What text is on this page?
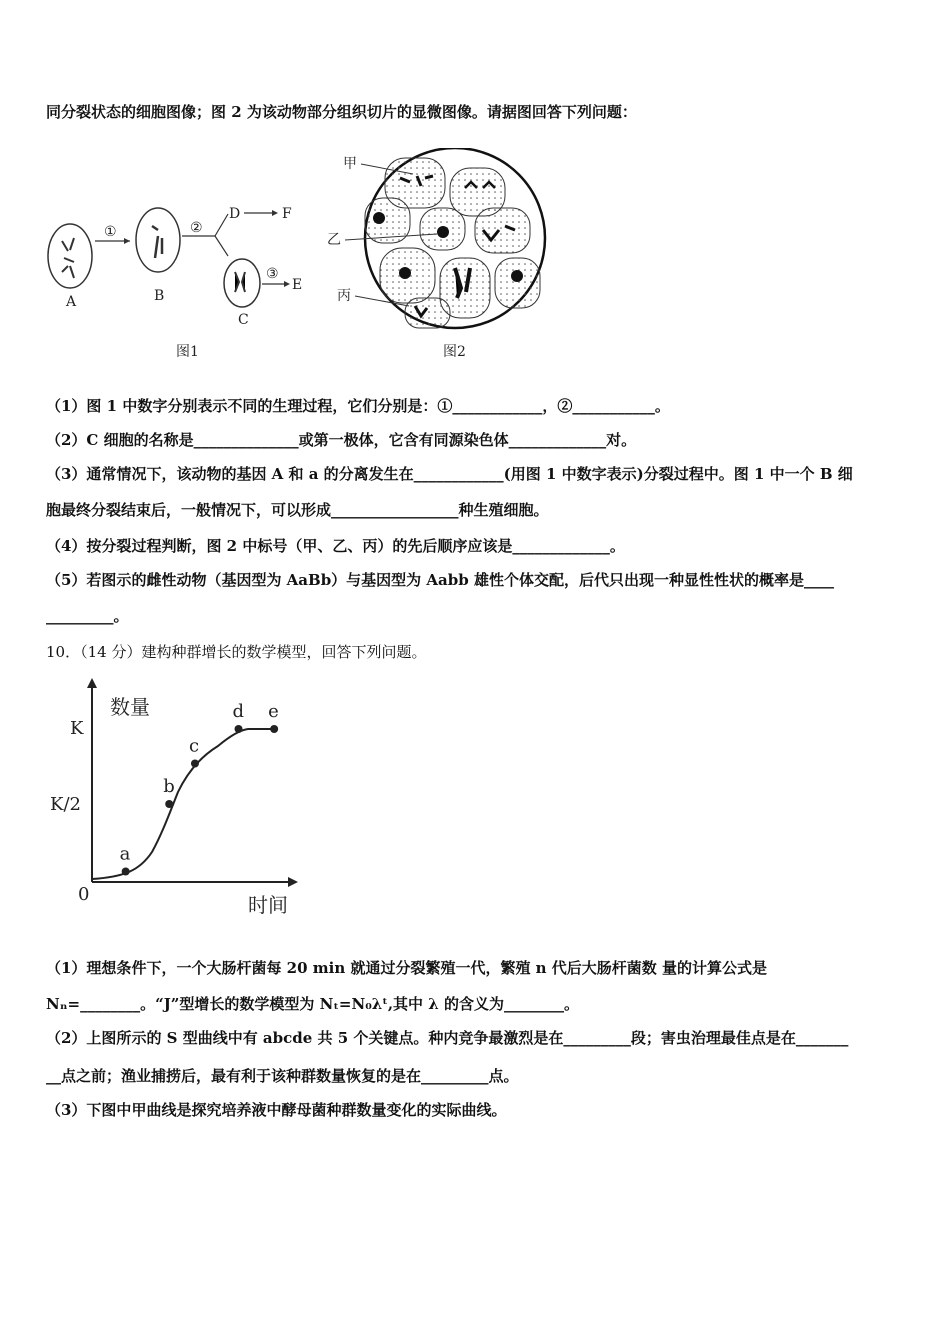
同分裂状态的细胞图像；图 2 为该动物部分组织切片的显微图像。请据图回答下列问题：
A
①
B
②
D	F
C
③
E
图1
甲
乙
丙
图2
（1）图 1 中数字分别表示不同的生理过程，它们分别是：①____________，②___________。
（2）C 细胞的名称是______________或第一极体，它含有同源染色体_____________对。
（3）通常情况下，该动物的基因 A 和 a 的分离发生在____________(用图 1 中数字表示)分裂过程中。图 1 中一个 B 细
胞最终分裂结束后，一般情况下，可以形成_________________种生殖细胞。
（4）按分裂过程判断，图 2 中标号（甲、乙、丙）的先后顺序应该是_____________。
（5）若图示的雌性动物（基因型为 AaBb）与基因型为 Aabb 雄性个体交配，后代只出现一种显性性状的概率是____
_________。
10．（14 分）建构种群增长的数学模型，回答下列问题。
数量
时间
0
K
K/2
a
b
c
d e
（1）理想条件下，一个大肠杆菌每 20 min 就通过分裂繁殖一代，繁殖 n 代后大肠杆菌数 量的计算公式是
Nₙ=________。“J”型增长的数学模型为 Nₜ=N₀λᵗ,其中 λ 的含义为________。
（2）上图所示的 S 型曲线中有 abcde 共 5 个关键点。种内竞争最激烈是在_________段；害虫治理最佳点是在_______
__点之前；渔业捕捞后，最有利于该种群数量恢复的是在_________点。
（3）下图中甲曲线是探究培养液中酵母菌种群数量变化的实际曲线。
